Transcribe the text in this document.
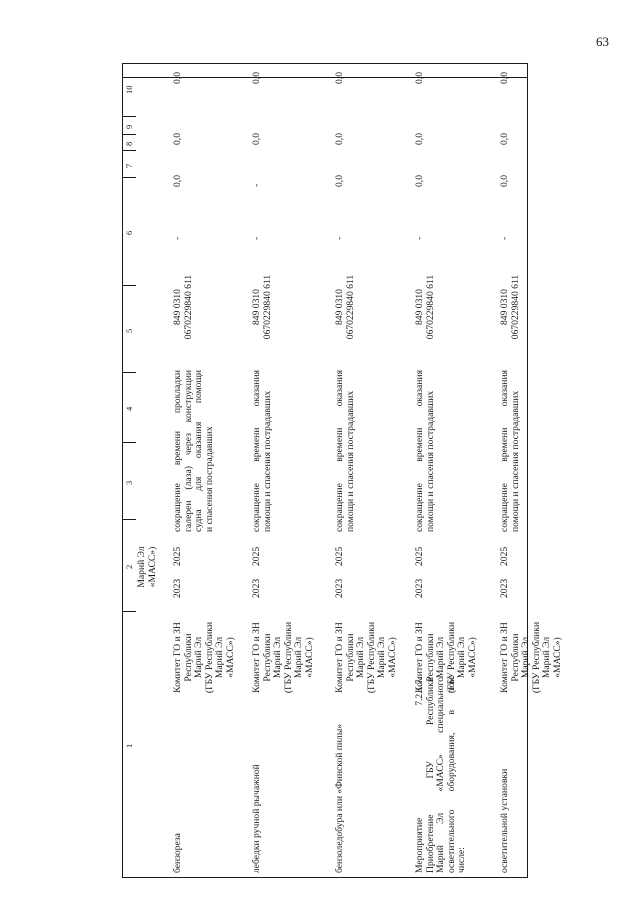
63
1
2
3
4
5
6
7
8
9
10
Марий Эл «МАСС»)
бензорезa
Комитет ГО и ЗН Республики Марий Эл (ГБУ Республики Марий Эл «МАСС»)
2023
2025
сокращение времени прокладки галереи (лаза) через конструкции судна для оказания помощи и спасения пострадавших
849 0310 0670229840 611
-
0,0
0,0
0,0
лебедки ручной рычажной
Комитет ГО и ЗН Республики Марий Эл (ГБУ Республики Марий Эл «МАСС»)
2023
2025
сокращение времени оказания помощи и спасения пострадавших
849 0310 0670229840 611
-
-
0,0
0,0
бензоледобура или «Финской пилы»
Комитет ГО и ЗН Республики Марий Эл (ГБУ Республики Марий Эл «МАСС»)
2023
2025
сокращение времени оказания помощи и спасения пострадавших
849 0310 0670229840 611
-
0,0
0,0
0,0
Мероприятие 7.2.1.7. Приобретение ГБУ Республики Марий Эл «МАСС» специального осветительного оборудования, в том числе:
Комитет ГО и ЗН Республики Марий Эл (ГБУ Республики Марий Эл «МАСС»)
2023
2025
сокращение времени оказания помощи и спасения пострадавших
849 0310 0670229840 611
-
0,0
0,0
0,0
осветительной установки
Комитет ГО и ЗН Республики Марий Эл (ГБУ Республики Марий Эл «МАСС»)
2023
2025
сокращение времени оказания помощи и спасения пострадавших
849 0310 0670229840 611
-
0,0
0,0
0,0
